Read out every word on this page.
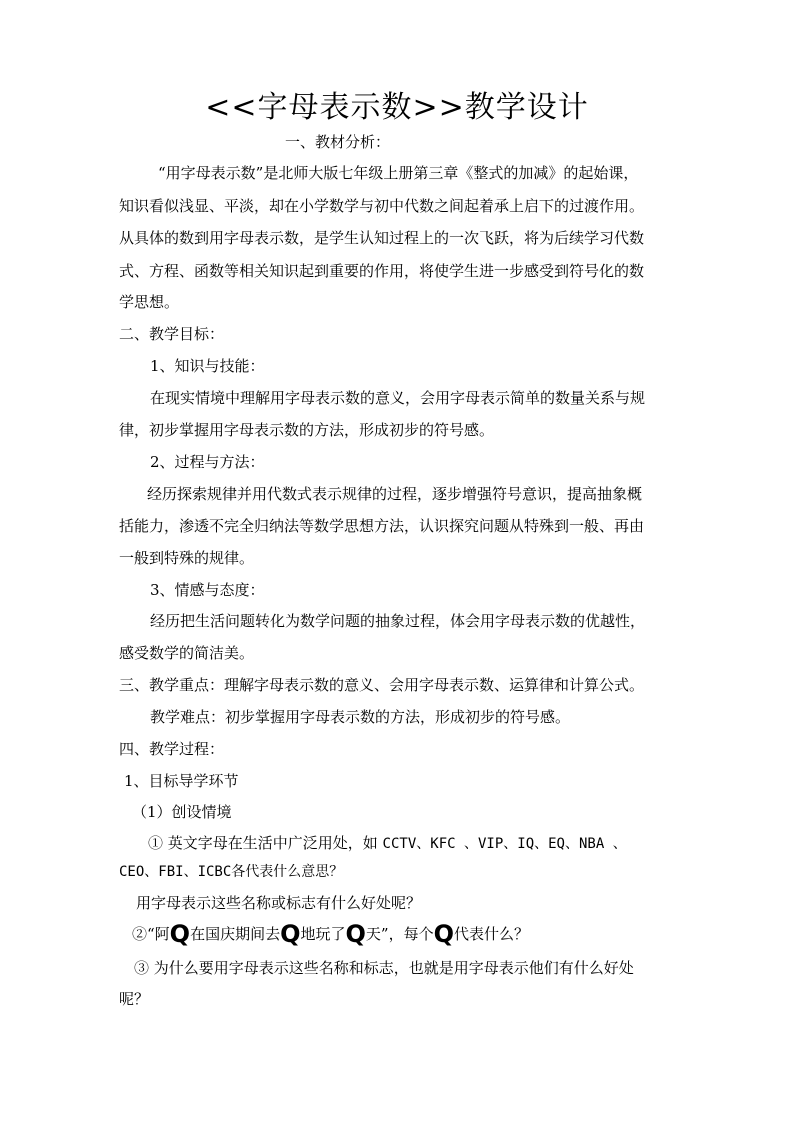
<<字母表示数>>教学设计
一、教材分析：
“用字母表示数”是北师大版七年级上册第三章《整式的加减》的起始课，
知识看似浅显、平淡，却在小学数学与初中代数之间起着承上启下的过渡作用。
从具体的数到用字母表示数，是学生认知过程上的一次飞跃，将为后续学习代数
式、方程、函数等相关知识起到重要的作用，将使学生进一步感受到符号化的数
学思想。
二、教学目标：
1、知识与技能：
在现实情境中理解用字母表示数的意义，会用字母表示简单的数量关系与规
律，初步掌握用字母表示数的方法，形成初步的符号感。
2、过程与方法：
经历探索规律并用代数式表示规律的过程，逐步增强符号意识，提高抽象概
括能力，渗透不完全归纳法等数学思想方法，认识探究问题从特殊到一般、再由
一般到特殊的规律。
3、情感与态度：
经历把生活问题转化为数学问题的抽象过程，体会用字母表示数的优越性，
感受数学的简洁美。
三、教学重点：理解字母表示数的意义、会用字母表示数、运算律和计算公式。
教学难点：初步掌握用字母表示数的方法，形成初步的符号感。
四、教学过程：
1、目标导学环节
（1）创设情境
① 英文字母在生活中广泛用处，如 CCTV、KFC 、VIP、IQ、EQ、NBA 、
CEO、FBI、ICBC各代表什么意思？
用字母表示这些名称或标志有什么好处呢？
②“阿Q在国庆期间去Q地玩了Q天”，每个Q代表什么？
③ 为什么要用字母表示这些名称和标志，也就是用字母表示他们有什么好处
呢？
